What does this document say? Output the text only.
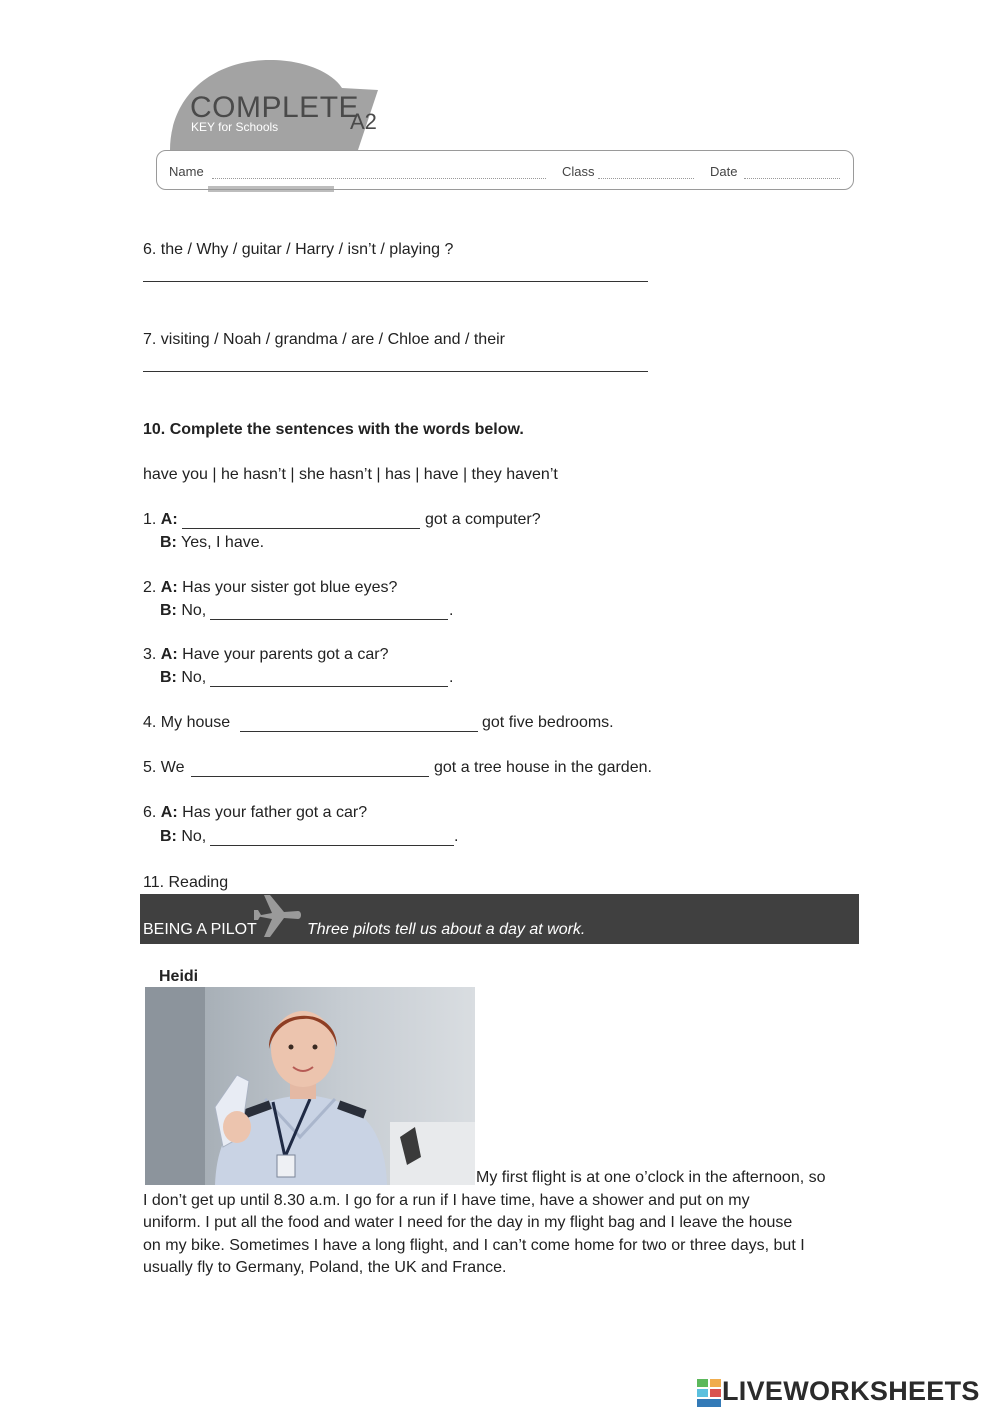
COMPLETE
KEY for Schools	A2
Name	Class	Date
6. the / Why / guitar / Harry / isn’t / playing ?
7. visiting / Noah / grandma / are / Chloe and / their
10. Complete the sentences with the words below.
have you | he hasn’t | she hasn’t | has | have | they haven’t
1. A:	got a computer?
B: Yes, I have.
2. A: Has your sister got blue eyes?
B: No,	.
3. A: Have your parents got a car?
B: No,	.
4. My house	got five bedrooms.
5. We	got a tree house in the garden.
6. A: Has your father got a car?
B: No,	.
11. Reading
BEING A PILOT	Three pilots tell us about a day at work.
Heidi
My first flight is at one o’clock in the afternoon, so
I don’t get up until 8.30 a.m. I go for a run if I have time, have a shower and put on my
uniform. I put all the food and water I need for the day in my flight bag and I leave the house
on my bike. Sometimes I have a long flight, and I can’t come home for two or three days, but I
usually fly to Germany, Poland, the UK and France.
LIVEWORKSHEETS
